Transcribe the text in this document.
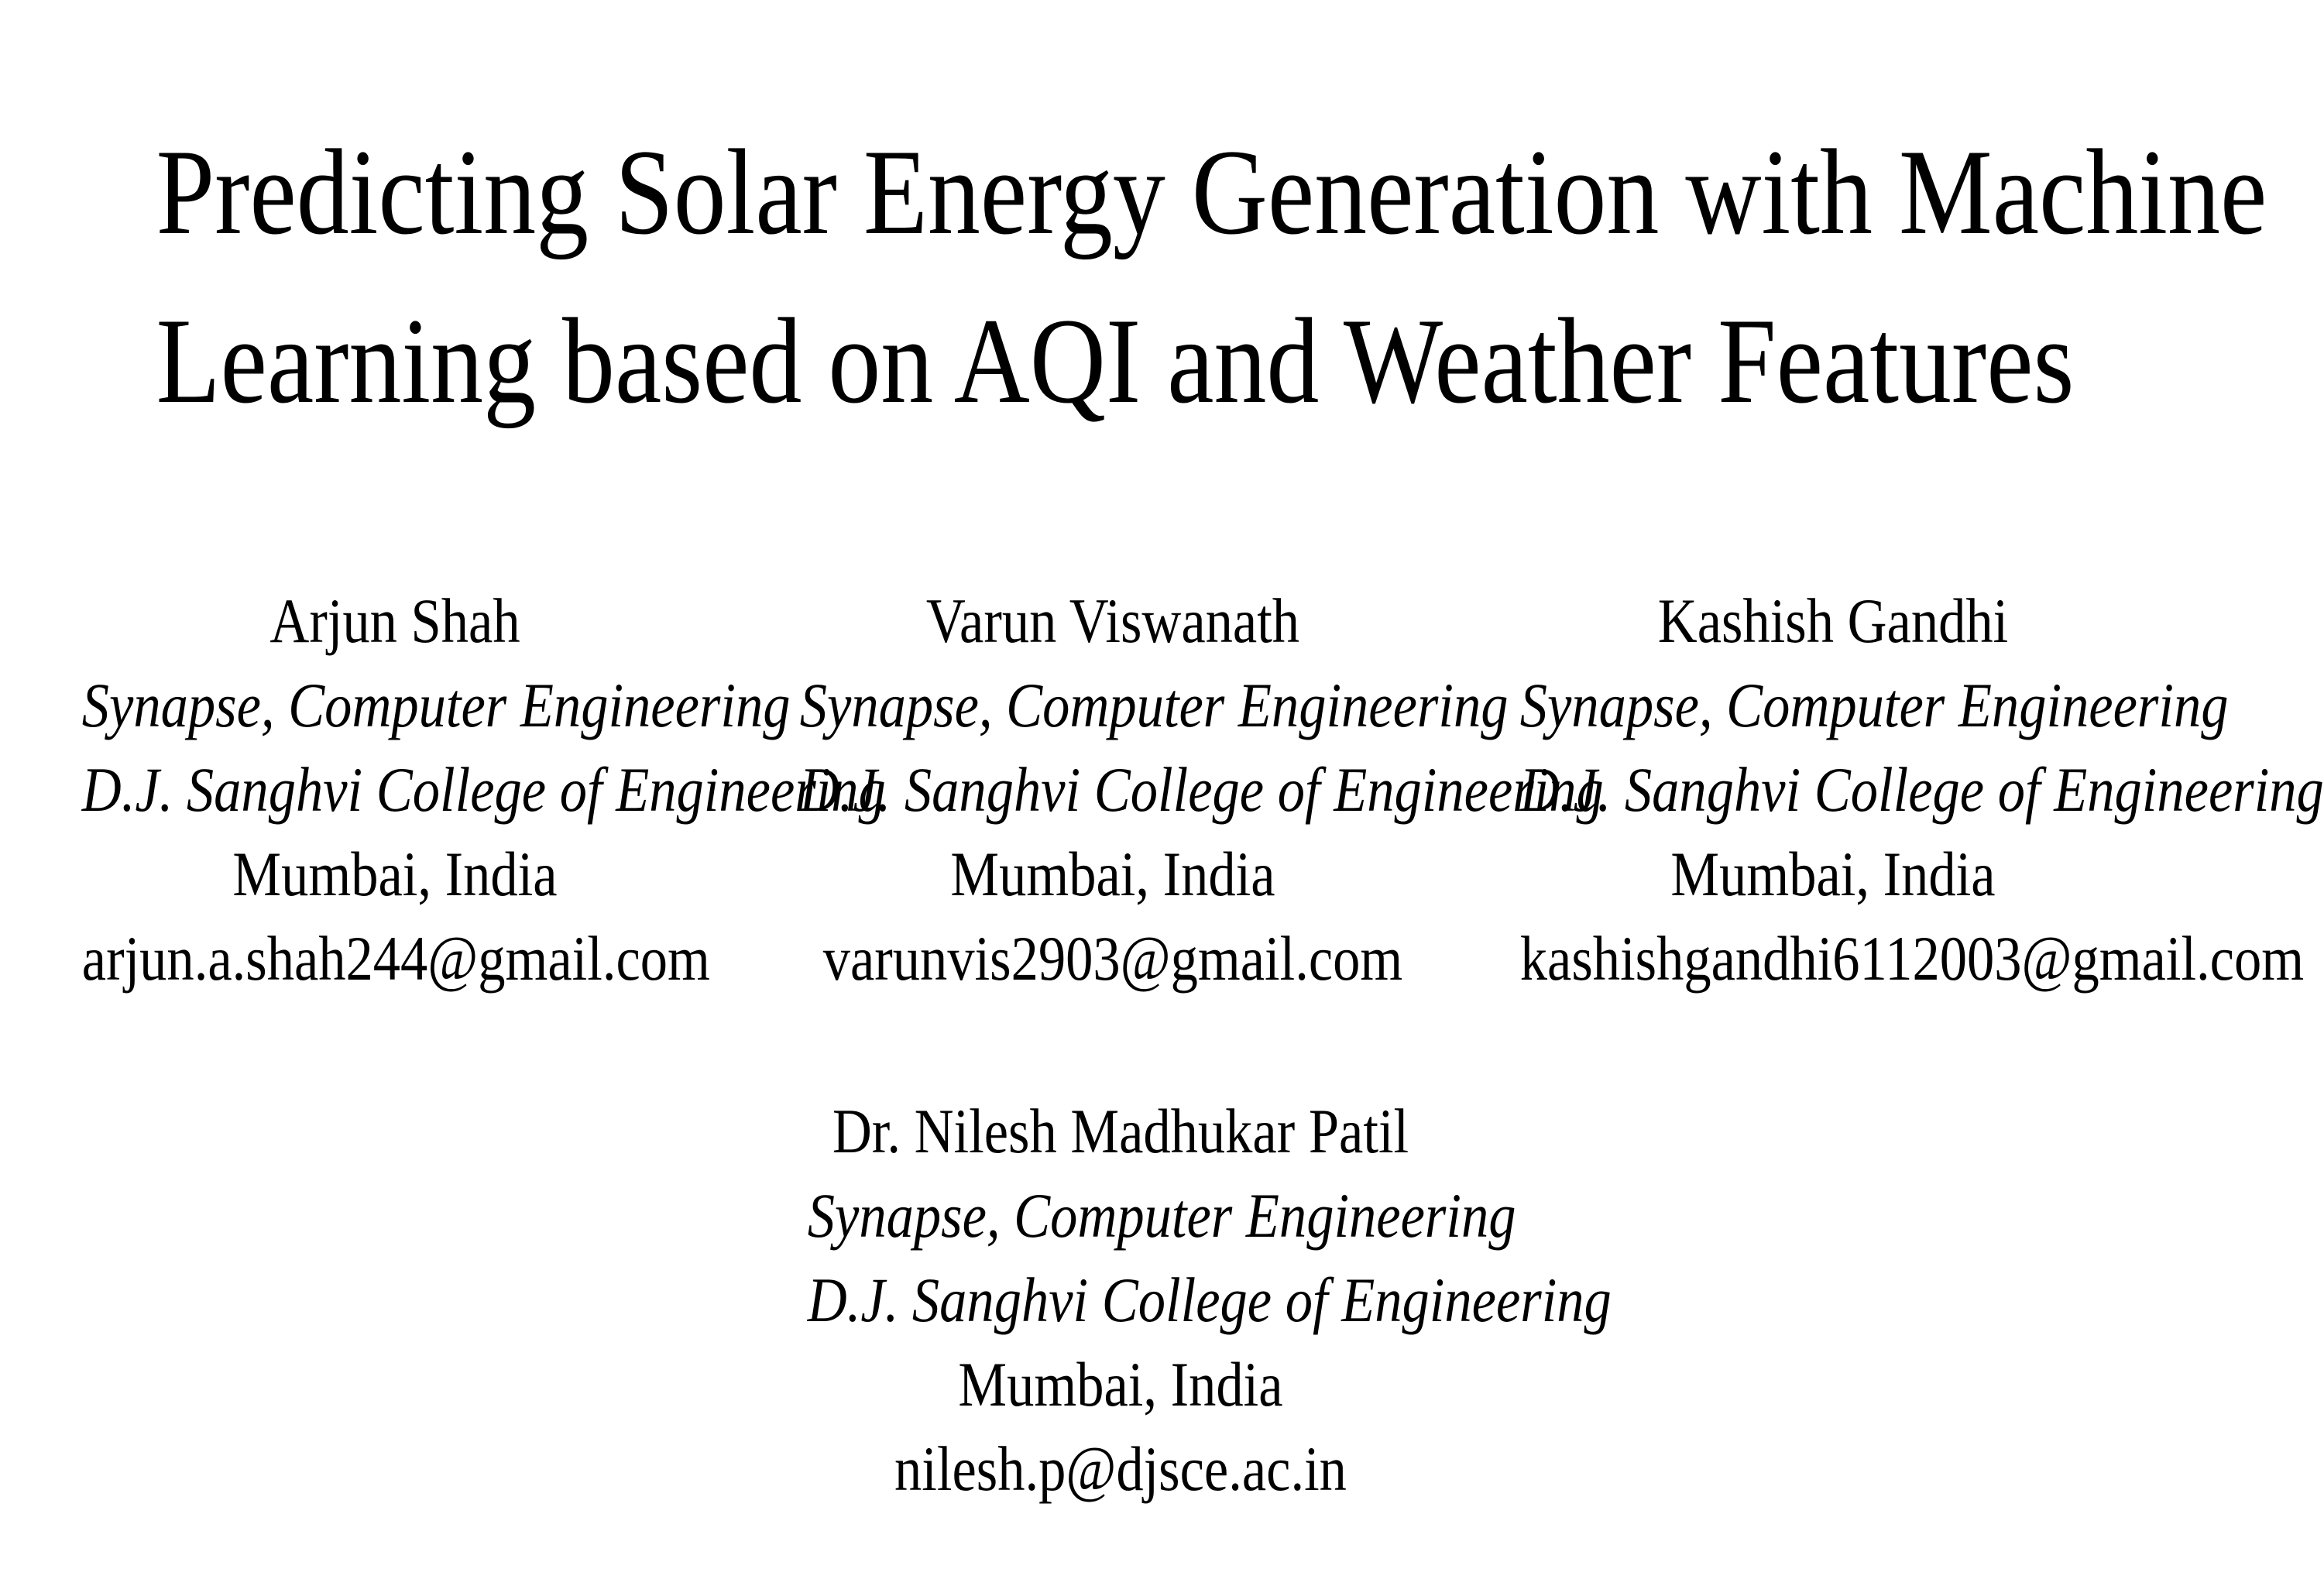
Predicting Solar Energy Generation with Machine
Learning based on AQI and Weather Features
Arjun Shah
Synapse, Computer Engineering
D.J. Sanghvi College of Engineering
Mumbai, India
arjun.a.shah244@gmail.com
Varun Viswanath
Synapse, Computer Engineering
D.J. Sanghvi College of Engineering
Mumbai, India
varunvis2903@gmail.com
Kashish Gandhi
Synapse, Computer Engineering
D.J. Sanghvi College of Engineering
Mumbai, India
kashishgandhi6112003@gmail.com
Dr. Nilesh Madhukar Patil
Synapse, Computer Engineering
D.J. Sanghvi College of Engineering
Mumbai, India
nilesh.p@djsce.ac.in
